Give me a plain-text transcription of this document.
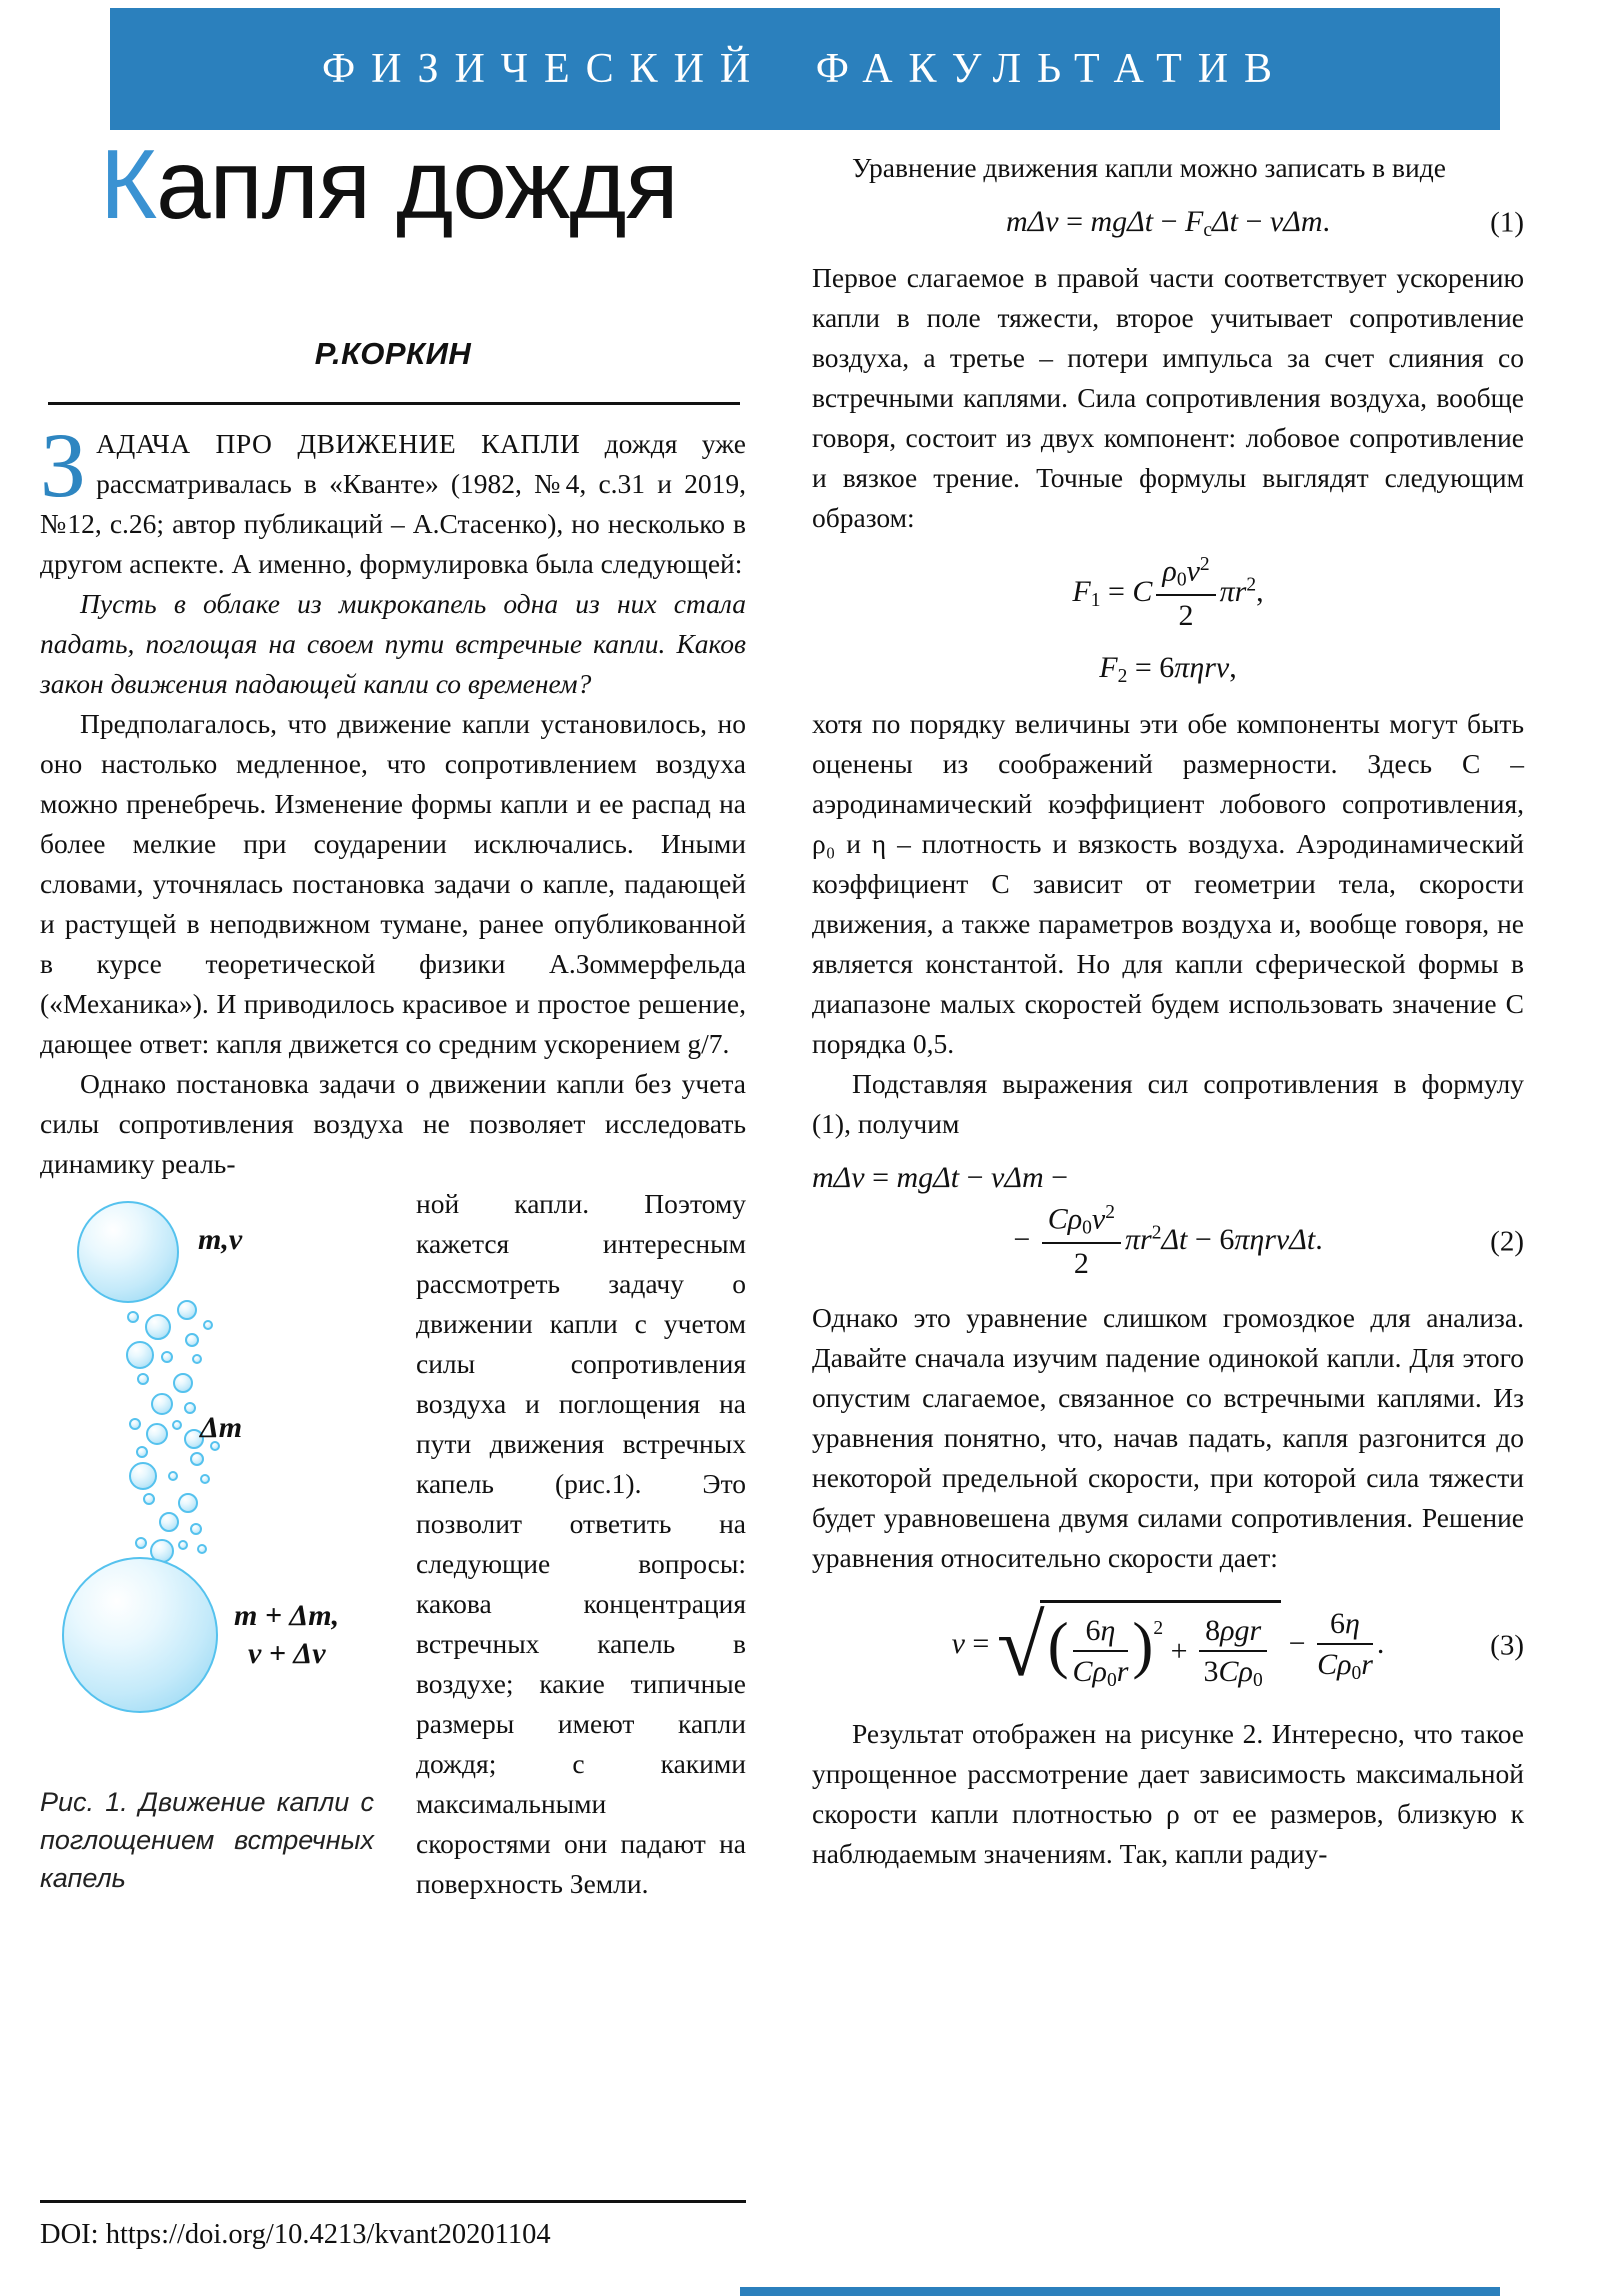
ФИЗИЧЕСКИЙ ФАКУЛЬТАТИВ
Капля дождя
Р.КОРКИН

ЗАДАЧА ПРО ДВИЖЕНИЕ КАПЛИ дождя уже рассматривалась в «Кванте» (1982, №4, с.31 и 2019, №12, с.26; автор публикаций – А.Стасенко), но несколько в другом аспекте. А именно, формулировка была следующей:

Пусть в облаке из микрокапель одна из них стала падать, поглощая на своем пути встречные капли. Каков закон движения падающей капли со временем?

Предполагалось, что движение капли установилось, но оно настолько медленное, что сопротивлением воздуха можно пренебречь. Изменение формы капли и ее распад на более мелкие при соударении исключались. Иными словами, уточнялась постановка задачи о капле, падающей и растущей в неподвижном тумане, ранее опубликованной в курсе теоретической физики А.Зоммерфельда («Механика»). И приводилось красивое и простое решение, дающее ответ: капля движется со средним ускорением g/7.

Однако постановка задачи о движении капли без учета силы сопротивления воздуха не позволяет исследовать динамику реаль-

m,v
Δm
m + Δm,
v + Δv
Рис. 1. Движение капли с поглощением встречных капель

ной капли. Поэтому кажется интересным рассмотреть задачу о движении капли с учетом силы сопротивления воздуха и поглощения на пути движения встречных капель (рис.1). Это позволит ответить на следующие вопросы: какова концентрация встречных капель в воздухе; какие типичные размеры имеют капли дождя; с какими максимальными скоростями они падают на поверхность Земли.

Уравнение движения капли можно записать в виде

mΔv = mgΔt − FcΔt − vΔm.	(1)

Первое слагаемое в правой части соответствует ускорению капли в поле тяжести, второе учитывает сопротивление воздуха, а третье – потери импульса за счет слияния со встречными каплями. Сила сопротивления воздуха, вообще говоря, состоит из двух компонент: лобовое сопротивление и вязкое трение. Точные формулы выглядят следующим образом:

F1 = C $\frac{\rho 0v^2}{2} \pi r^2$,
F2 = 6πηrv,

хотя по порядку величины эти обе компоненты могут быть оценены из соображений размерности. Здесь C – аэродинамический коэффициент лобового сопротивления, ρ₀ и η – плотность и вязкость воздуха. Аэродинамический коэффициент C зависит от геометрии тела, скорости движения, а также параметров воздуха и, вообще говоря, не является константой. Но для капли сферической формы в диапазоне малых скоростей будем использовать значение C порядка 0,5.

Подставляя выражения сил сопротивления в формулу (1), получим

mΔv = mgΔt − vΔm −
− $\frac{C\rho 0v^2}{2} \pi r^2\Delta t - 6\pi\eta rv\Delta t$.	(2)

Однако это уравнение слишком громоздкое для анализа. Давайте сначала изучим падение одинокой капли. Для этого опустим слагаемое, связанное со встречными каплями. Из уравнения понятно, что, начав падать, капля разгонится до некоторой предельной скорости, при которой сила тяжести будет уравновешена двумя силами сопротивления. Решение уравнения относительно скорости дает:

v = √ ( $\frac{6\eta}{C\rho 0r} )^2 + \frac{\text{8ρgr}}{3C\rho 0} - \frac{6\eta}{C\rho 0r}$ .	(3)

Результат отображен на рисунке 2. Интересно, что такое упрощенное рассмотрение дает зависимость максимальной скорости капли плотностью ρ от ее размеров, близкую к наблюдаемым значениям. Так, капли радиу-

DOI: https://doi.org/10.4213/kvant20201104
